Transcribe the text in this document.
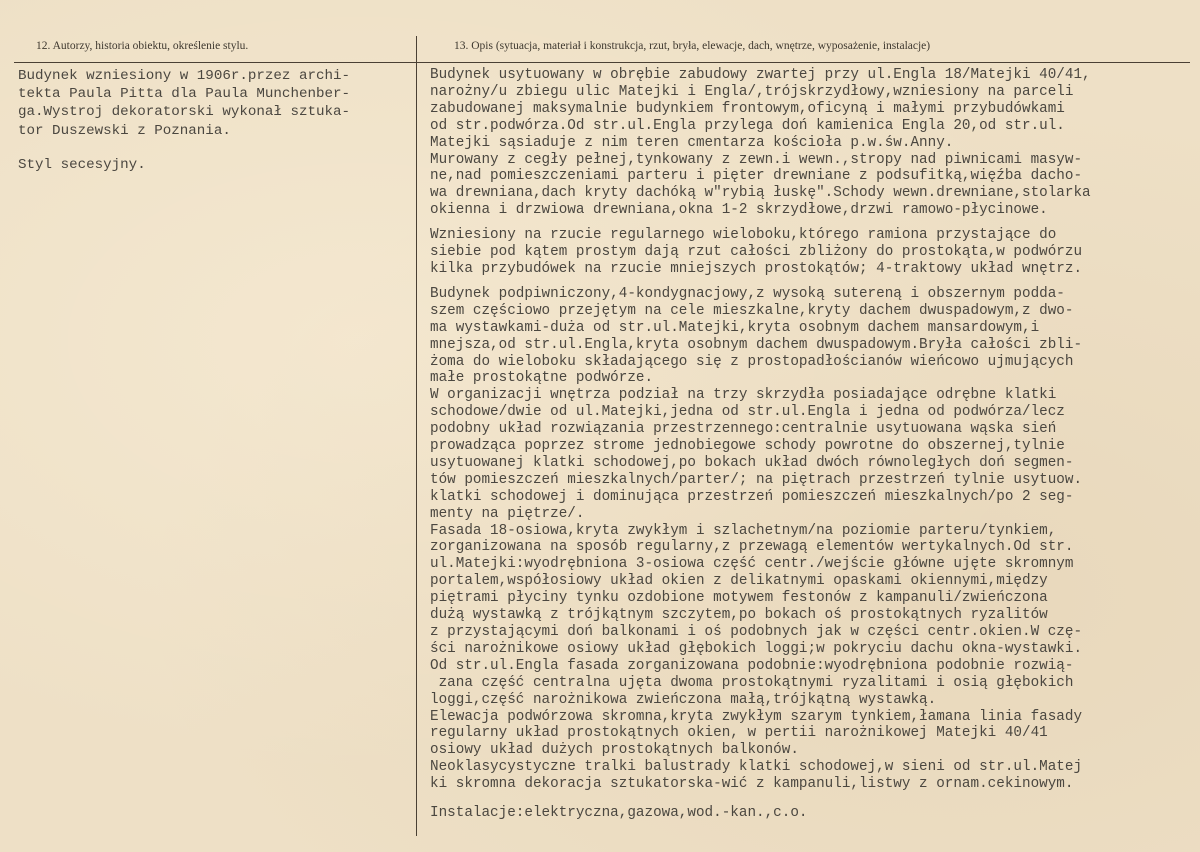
12. Autorzy, historia obiektu, określenie stylu.	13. Opis (sytuacja, materiał i konstrukcja, rzut, bryła, elewacje, dach, wnętrze, wyposażenie, instalacje)

Budynek wzniesiony w 1906r.przez archi-

tekta Paula Pitta dla Paula Munchenber-

ga.Wystroj dekoratorski wykonał sztuka-

tor Duszewski z Poznania.

Styl secesyjny.

Budynek usytuowany w obrębie zabudowy zwartej przy ul.Engla 18/Matejki 40/41,
narożny/u zbiegu ulic Matejki i Engla/,trójskrzydłowy,wzniesiony na parceli
zabudowanej maksymalnie budynkiem frontowym,oficyną i małymi przybudówkami
od str.podwórza.Od str.ul.Engla przylega doń kamienica Engla 20,od str.ul.
Matejki sąsiaduje z nim teren cmentarza kościoła p.w.św.Anny.
Murowany z cegły pełnej,tynkowany z zewn.i wewn.,stropy nad piwnicami masyw-
ne,nad pomieszczeniami parteru i pięter drewniane z podsufitką,więźba dacho-
wa drewniana,dach kryty dachóką w"rybią łuskę".Schody wewn.drewniane,stolarka
okienna i drzwiowa drewniana,okna 1-2 skrzydłowe,drzwi ramowo-płycinowe.
Wzniesiony na rzucie regularnego wieloboku,którego ramiona przystające do
siebie pod kątem prostym dają rzut całości zbliżony do prostokąta,w podwórzu
kilka przybudówek na rzucie mniejszych prostokątów; 4-traktowy układ wnętrz.
Budynek podpiwniczony,4-kondygnacjowy,z wysoką sutereną i obszernym podda-
szem częściowo przejętym na cele mieszkalne,kryty dachem dwuspadowym,z dwo-
ma wystawkami-duża od str.ul.Matejki,kryta osobnym dachem mansardowym,i
mnejsza,od str.ul.Engla,kryta osobnym dachem dwuspadowym.Bryła całości zbli-
żoma do wieloboku składającego się z prostopadłościanów wieńcowo ujmujących
małe prostokątne podwórze.
W organizacji wnętrza podział na trzy skrzydła posiadające odrębne klatki
schodowe/dwie od ul.Matejki,jedna od str.ul.Engla i jedna od podwórza/lecz
podobny układ rozwiązania przestrzennego:centralnie usytuowana wąska sień
prowadząca poprzez strome jednobiegowe schody powrotne do obszernej,tylnie
usytuowanej klatki schodowej,po bokach układ dwóch równoległych doń segmen-
tów pomieszczeń mieszkalnych/parter/; na piętrach przestrzeń tylnie usytuow.
klatki schodowej i dominująca przestrzeń pomieszczeń mieszkalnych/po 2 seg-
menty na piętrze/.
Fasada 18-osiowa,kryta zwykłym i szlachetnym/na poziomie parteru/tynkiem,
zorganizowana na sposób regularny,z przewagą elementów wertykalnych.Od str.
ul.Matejki:wyodrębniona 3-osiowa część centr./wejście główne ujęte skromnym
portalem,współosiowy układ okien z delikatnymi opaskami okiennymi,między
piętrami płyciny tynku ozdobione motywem festonów z kampanuli/zwieńczona
dużą wystawką z trójkątnym szczytem,po bokach oś prostokątnych ryzalitów
z przystającymi doń balkonami i oś podobnych jak w części centr.okien.W czę-
ści narożnikowe osiowy układ głębokich loggi;w pokryciu dachu okna-wystawki.
Od str.ul.Engla fasada zorganizowana podobnie:wyodrębniona podobnie rozwią-
zana część centralna ujęta dwoma prostokątnymi ryzalitami i osią głębokich
loggi,część narożnikowa zwieńczona małą,trójkątną wystawką.
Elewacja podwórzowa skromna,kryta zwykłym szarym tynkiem,łamana linia fasady
regularny układ prostokątnych okien, w pertii narożnikowej Matejki 40/41
osiowy układ dużych prostokątnych balkonów.
Neoklasycystyczne tralki balustrady klatki schodowej,w sieni od str.ul.Matej
ki skromna dekoracja sztukatorska-wić z kampanuli,listwy z ornam.cekinowym.
Instalacje:elektryczna,gazowa,wod.-kan.,c.o.
